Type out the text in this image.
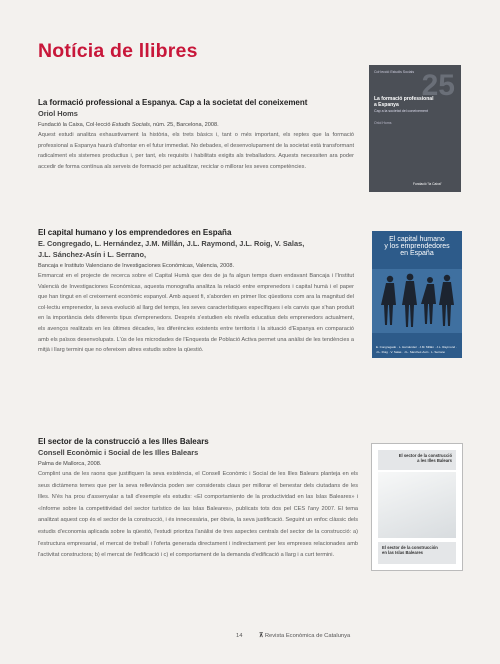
Notícia de llibres
La formació professional a Espanya. Cap a la societat del coneixement
Oriol Homs
Fundació la Caixa, Col·lecció Estudis Socials, núm. 25, Barcelona, 2008.
Aquest estudi analitza exhaustivament la història, els trets bàsics i, tant o més important, els reptes que la formació professional a Espanya haurà d'afrontar en el futur immediat. No debades, el desenvolupament de la societat està transformant radicalment els sistemes productius i, per tant, els requisits i habilitats exigits als treballadors. Aquests necessiten ara poder accedir de forma contínua als serveis de formació per actualitzar, reciclar o millorar les seves competències.
Col·lecció Estudis Socials 25
La formació professional
a Espanya
Cap a la societat del coneixement
Oriol Homs
Fundació "la Caixa"
El capital humano y los emprendedores en España
E. Congregado, L. Hernández, J.M. Millán, J.L. Raymond, J.L. Roig, V. Salas,
J.L. Sánchez-Asín i L. Serrano,
Bancaja e Instituto Valenciano de Investigaciones Económicas, Valencia, 2008.
Emmarcat en el projecte de recerca sobre el Capital Humà que des de ja fa algun temps duen endavant Bancaja i l'Institut Valencià de Investigaciones Económicas, aquesta monografia analitza la relació entre emprenedors i capital humà i el paper que han tingut en el creixement econòmic espanyol. Amb aquest fi, s'aborden en primer lloc qüestions com ara la magnitud del col·lectiu emprenedor, la seva evolució al llarg del temps, les seves característiques específiques i els canvis que s'han produït en la importància dels diferents tipus d'emprenedors. Després s'estudien els nivells educatius dels emprenedors actualment, els avenços realitzats en les últimes dècades, les diferències existents entre territoris i la situació d'Espanya en comparació amb els països desenvolupats. L'ús de les microdades de l'Enquesta de Població Activa permet una anàlisi de les tendències a mitjà i llarg termini que no ofereixen altres estudis sobre la qüestió.
El capital humano
y los emprendedores
en España
E. Congregado · L. Hernández · J.M. Millán · J.L. Raymond · J.L. Roig · V. Salas · J.L. Sánchez-Asín · L. Serrano
El sector de la construcció a les Illes Balears
Consell Econòmic i Social de les Illes Balears
Palma de Mallorca, 2008.
Complint una de les raons que justifiquen la seva existència, el Consell Econòmic i Social de les Illes Balears planteja en els seus dictàmens temes que per la seva rellevància poden ser considerats claus per millorar el benestar dels ciutadans de les Illes. N'és ha prou d'assenyalar a tall d'exemple els estudis: «El comportamiento de la productividad en las Islas Baleares» i «Informe sobre la competitividad del sector turístico de las Islas Baleares», publicats tots dos pel CES l'any 2007. El tema analitzat aquest cop és el sector de la construcció, i és innecessària, per òbvia, la seva justificació. Seguint un enfoc clàssic dels estudis d'economia aplicada sobre la qüestió, l'estudi prioritza l'anàlisi de tres aspectes centrals del sector de la construcció: a) l'estructura empresarial, el mercat de treball i l'oferta generada directament i indirectament per les empreses relacionades amb l'activitat constructora; b) el mercat de l'edificació i c) el comportament de la demanda d'edificació a llarg i a curt termini.
El sector de la construcció
a les Illes Balears
El sector de la construcción
en las Islas Baleares
14	⊼ Revista Econòmica de Catalunya
